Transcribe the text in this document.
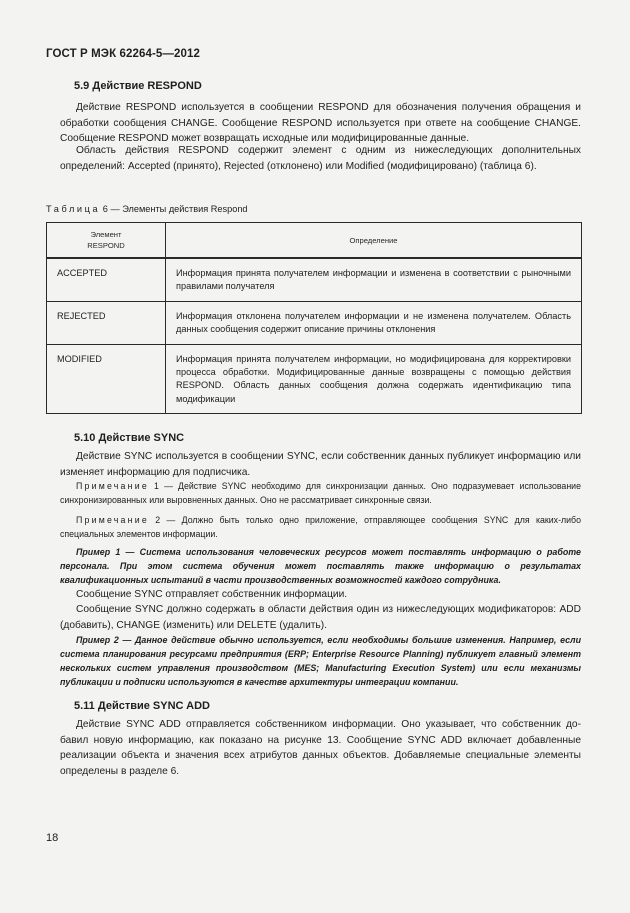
ГОСТ Р МЭК 62264-5—2012
5.9 Действие RESPOND
Действие RESPOND используется в сообщении RESPOND для обозначения получения обращения и обработки сообщения CHANGE. Сообщение RESPOND используется при ответе на сообщение CHANGE. Сообщение RESPOND может возвращать исходные или модифицированные данные.
Область действия RESPOND содержит элемент с одним из нижеследующих дополнительных определений: Accepted (принято), Rejected (отклонено) или Modified (модифицировано) (таблица 6).
Таблица 6 — Элементы действия Respond
Элемент RESPOND	Определение
ACCEPTED	Информация принята получателем информации и изменена в соответствии с рыночными правилами получателя
REJECTED	Информация отклонена получателем информации и не изменена получателем. Область данных сообщения содержит описание причины отклонения
MODIFIED	Информация принята получателем информации, но модифицирована для корректировки процесса обработки. Модифицированные данные возвращены с помощью действия RESPOND. Область данных сообщения должна содержать идентификацию типа модификации
5.10 Действие SYNC
Действие SYNC используется в сообщении SYNC, если собственник данных публикует информацию или изменяет информацию для подписчика.
Примечание 1 — Действие SYNC необходимо для синхронизации данных. Оно подразумевает использование синхронизированных или выровненных данных. Оно не рассматривает синхронные связи.
Примечание 2 — Должно быть только одно приложение, отправляющее сообщения SYNC для каких-либо специальных элементов информации.
Пример 1 — Система использования человеческих ресурсов может поставлять информацию о работе персонала. При этом система обучения может поставлять также информацию о результатах квалификационных испытаний в части производственных возможностей каждого сотрудника.
Сообщение SYNC отправляет собственник информации.
Сообщение SYNC должно содержать в области действия один из нижеследующих модификаторов: ADD (добавить), CHANGE (изменить) или DELETE (удалить).
Пример 2 — Данное действие обычно используется, если необходимы большие изменения. Например, если система планирования ресурсами предприятия (ERP; Enterprise Resource Planning) публикует главный элемент нескольких систем управления производством (MES; Manufacturing Execution System) или если механизмы публикации и подписки используются в качестве архитектуры интеграции компании.
5.11 Действие SYNC ADD
Действие SYNC ADD отправляется собственником информации. Оно указывает, что собственник добавил новую информацию, как показано на рисунке 13. Сообщение SYNC ADD включает добавленные реализации объекта и значения всех атрибутов данных объектов. Добавляемые специальные элементы определены в разделе 6.
18
